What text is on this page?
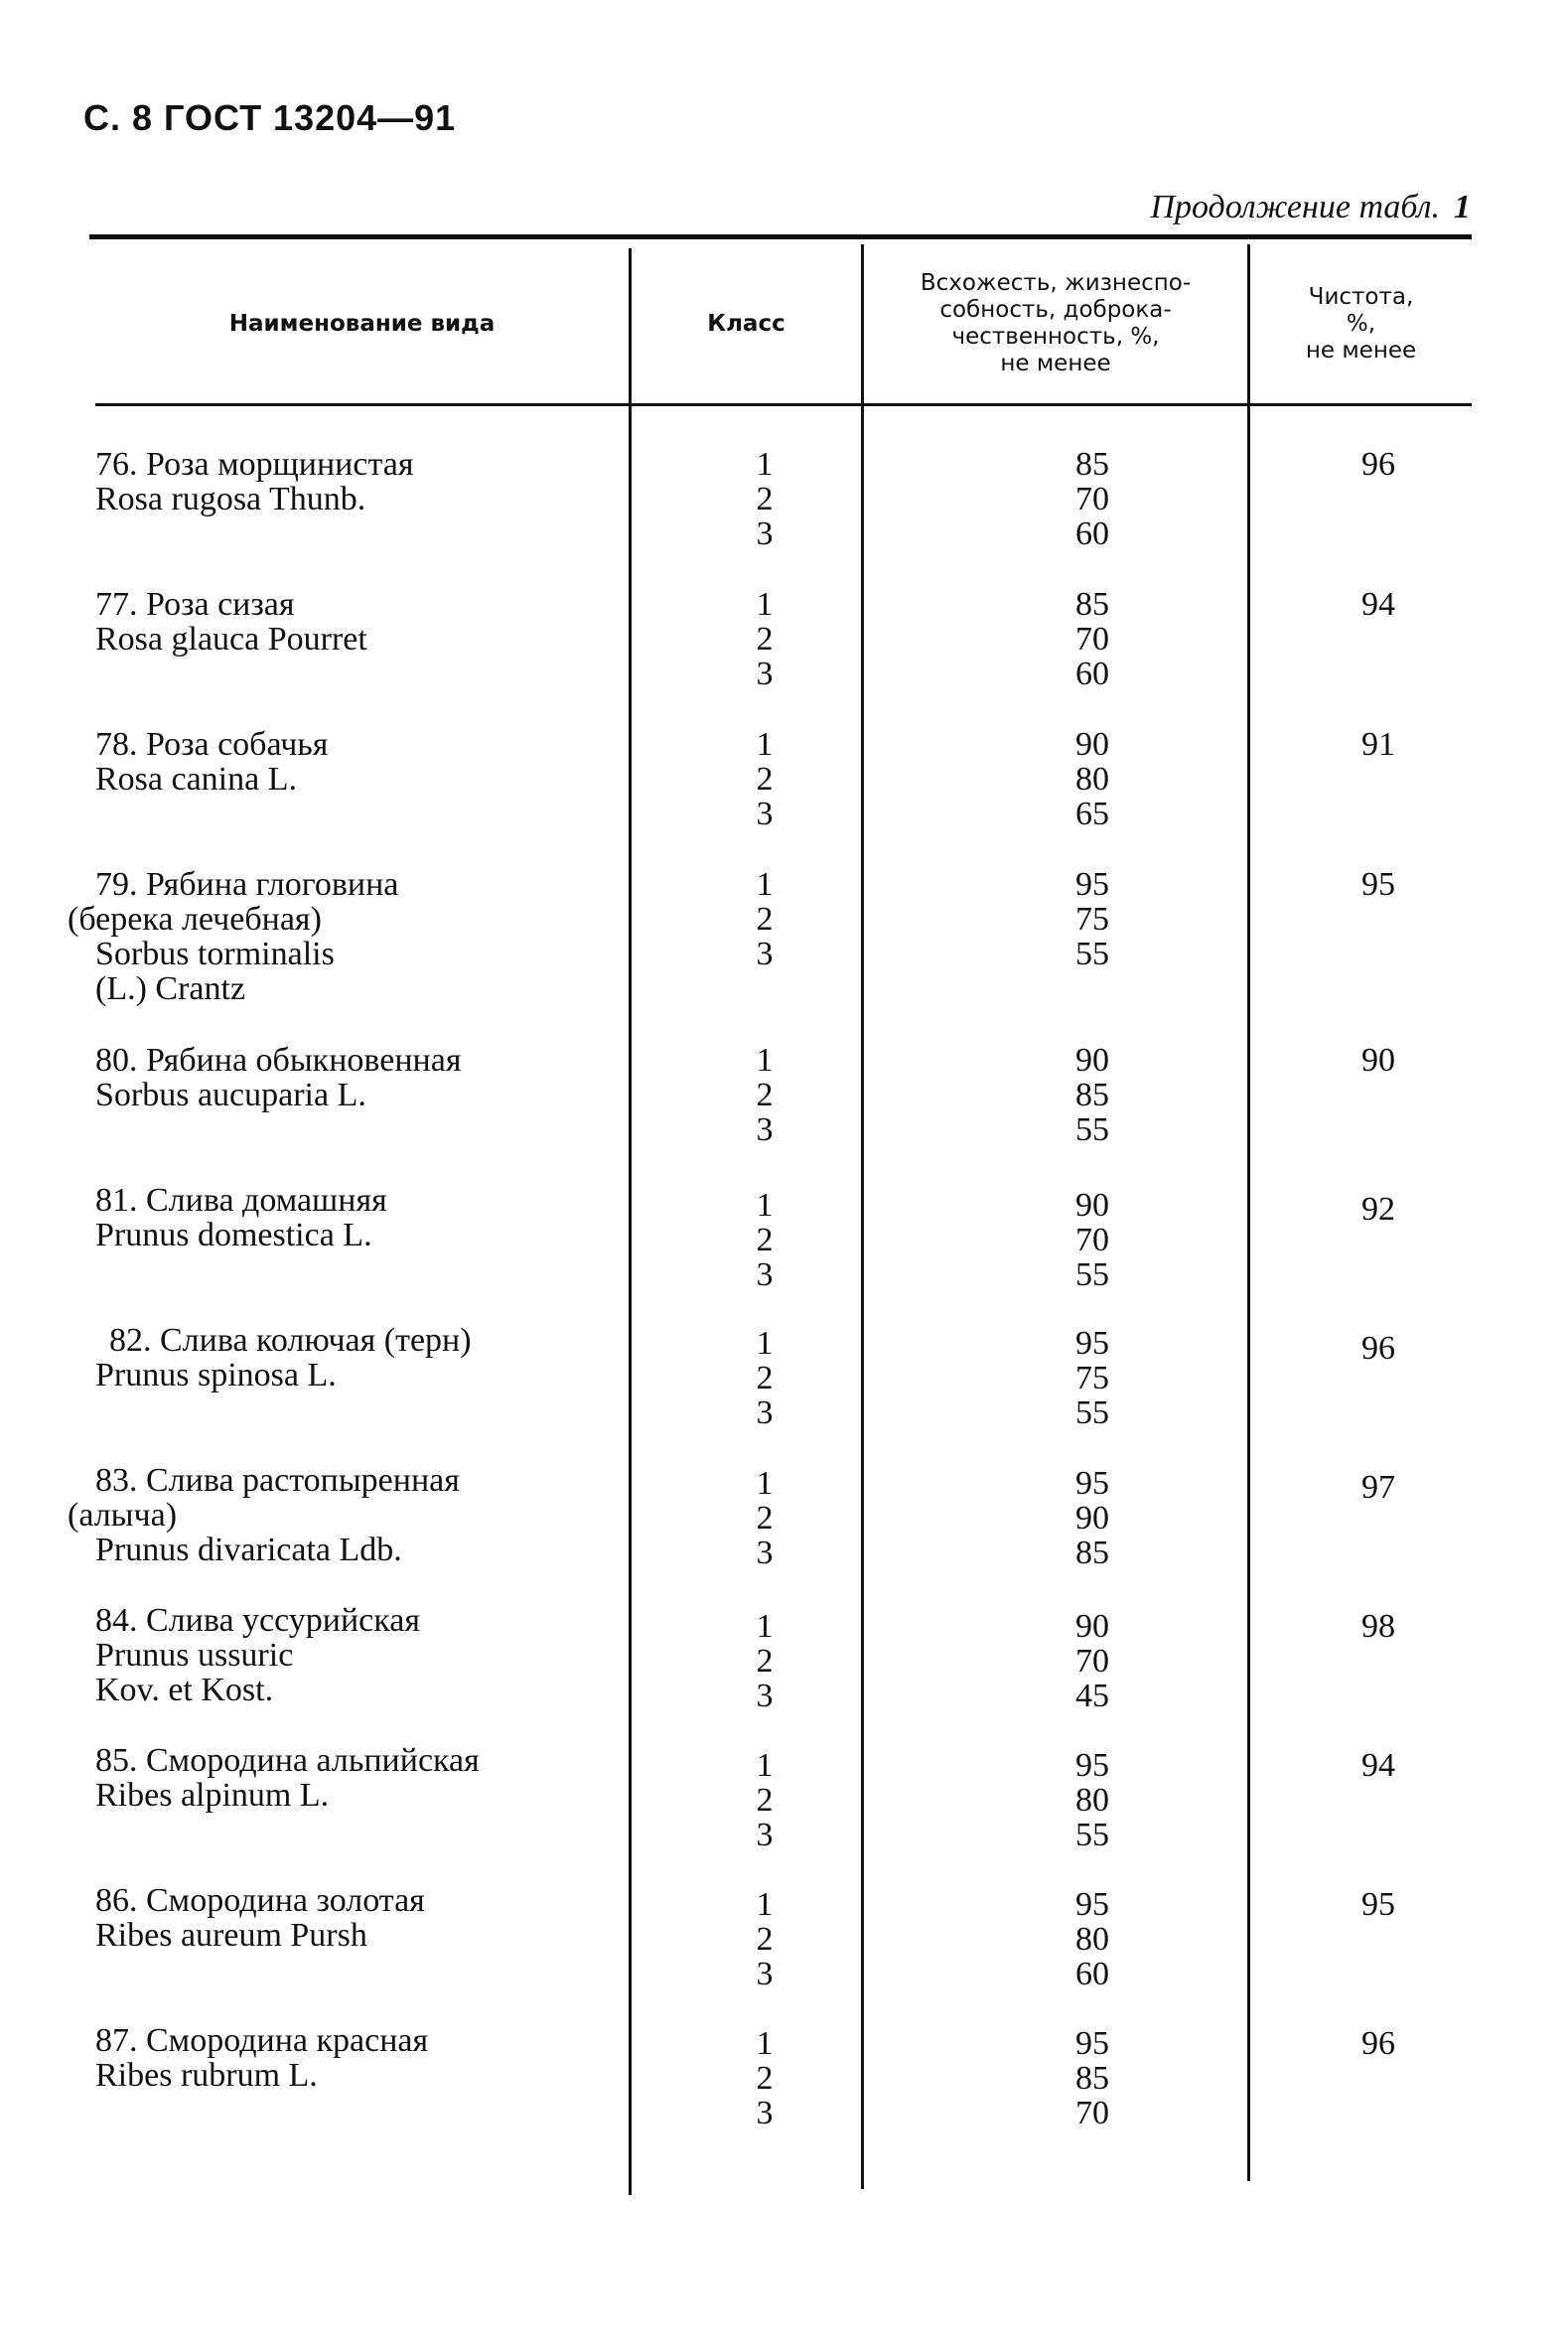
С. 8 ГОСТ 13204—91
Продолжение табл. 1
Наименование вида	Класс
Всхожесть, жизнеспо-
собность, доброка-
чественность, %,
не менее
Чистота,
%,
не менее
76. Роза морщинистая
Rosa rugosa Thunb.
1
2
3
85
70
60
96
77. Роза сизая
Rosa glauca Pourret
1
2
3
85
70
60
94
78. Роза собачья
Rosa canina L.
1
2
3
90
80
65
91
79. Рябина глоговина
(берека лечебная)
Sorbus torminalis
(L.) Crantz
1
2
3
95
75
55
95
80. Рябина обыкновенная
Sorbus aucuparia L.
1
2
3
90
85
55
90
81. Слива домашняя
Prunus domestica L.
1
2
3
90
70
55
92
82. Слива колючая (терн)
Prunus spinosa L.
1
2
3
95
75
55
96
83. Слива растопыренная
(алыча)
Prunus divaricata Ldb.
1
2
3
95
90
85
97
84. Слива уссурийская
Prunus ussuric
Kov. et Kost.
1
2
3
90
70
45
98
85. Смородина альпийская
Ribes alpinum L.
1
2
3
95
80
55
94
86. Смородина золотая
Ribes aureum Pursh
1
2
3
95
80
60
95
87. Смородина красная
Ribes rubrum L.
1
2
3
95
85
70
96
